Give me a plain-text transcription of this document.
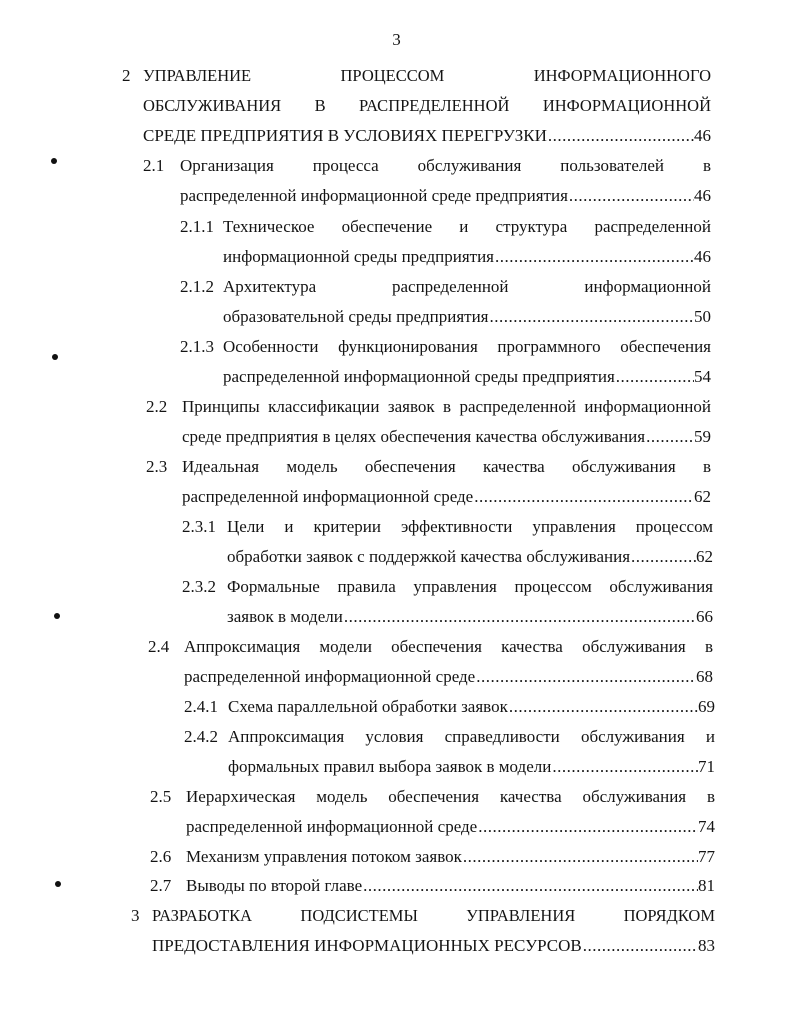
3
2 УПРАВЛЕНИЕ ПРОЦЕССОМ ИНФОРМАЦИОННОГО
ОБСЛУЖИВАНИЯ В РАСПРЕДЕЛЕННОЙ ИНФОРМАЦИОННОЙ
СРЕДЕ ПРЕДПРИЯТИЯ В УСЛОВИЯХ ПЕРЕГРУЗКИ .....	46
2.1 Организация процесса обслуживания пользователей в
распределенной информационной среде предприятия .....	46
2.1.1 Техническое обеспечение и структура распределенной
информационной среды предприятия .....	46
2.1.2 Архитектура распределенной информационной
образовательной среды предприятия .....	50
2.1.3 Особенности функционирования программного обеспечения
распределенной информационной среды предприятия .....	54
2.2 Принципы классификации заявок в распределенной информационной
среде предприятия в целях обеспечения качества обслуживания .....	59
2.3 Идеальная модель обеспечения качества обслуживания в
распределенной информационной среде .....	62
2.3.1 Цели и критерии эффективности управления процессом
обработки заявок с поддержкой качества обслуживания .....	62
2.3.2 Формальные правила управления процессом обслуживания
заявок в модели .....	66
2.4 Аппроксимация модели обеспечения качества обслуживания в
распределенной информационной среде .....	68
2.4.1 Схема параллельной обработки заявок .....	69
2.4.2 Аппроксимация условия справедливости обслуживания и
формальных правил выбора заявок в модели .....	71
2.5 Иерархическая модель обеспечения качества обслуживания в
распределенной информационной среде .....	74
2.6 Механизм управления потоком заявок .....	77
2.7 Выводы по второй главе .....	81
3 РАЗРАБОТКА ПОДСИСТЕМЫ УПРАВЛЕНИЯ ПОРЯДКОМ
ПРЕДОСТАВЛЕНИЯ ИНФОРМАЦИОННЫХ РЕСУРСОВ .....	83
